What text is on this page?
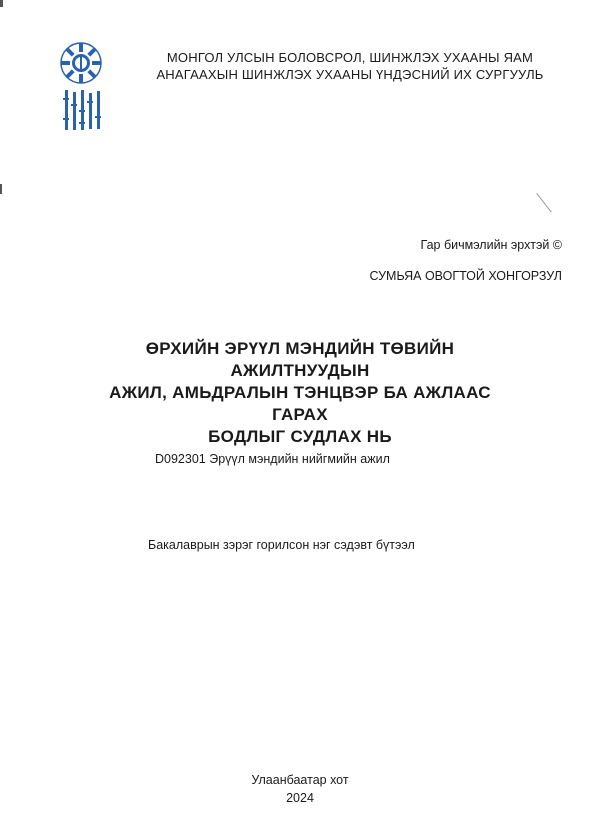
МОНГОЛ УЛСЫН БОЛОВСРОЛ, ШИНЖЛЭХ УХААНЫ ЯАМ
АНАГААХЫН ШИНЖЛЭХ УХААНЫ ҮНДЭСНИЙ ИХ СУРГУУЛЬ
Гар бичмэлийн эрхтэй ©
СУМЬЯА ОВОГТОЙ ХОНГОРЗУЛ
ӨРХИЙН ЭРҮҮЛ МЭНДИЙН ТӨВИЙН АЖИЛТНУУДЫН
АЖИЛ, АМЬДРАЛЫН ТЭНЦВЭР БА АЖЛААС ГАРАХ
БОДЛЫГ СУДЛАХ НЬ
D092301 Эрүүл мэндийн нийгмийн ажил
Бакалаврын зэрэг горилсон нэг сэдэвт бүтээл
Улаанбаатар хот
2024
